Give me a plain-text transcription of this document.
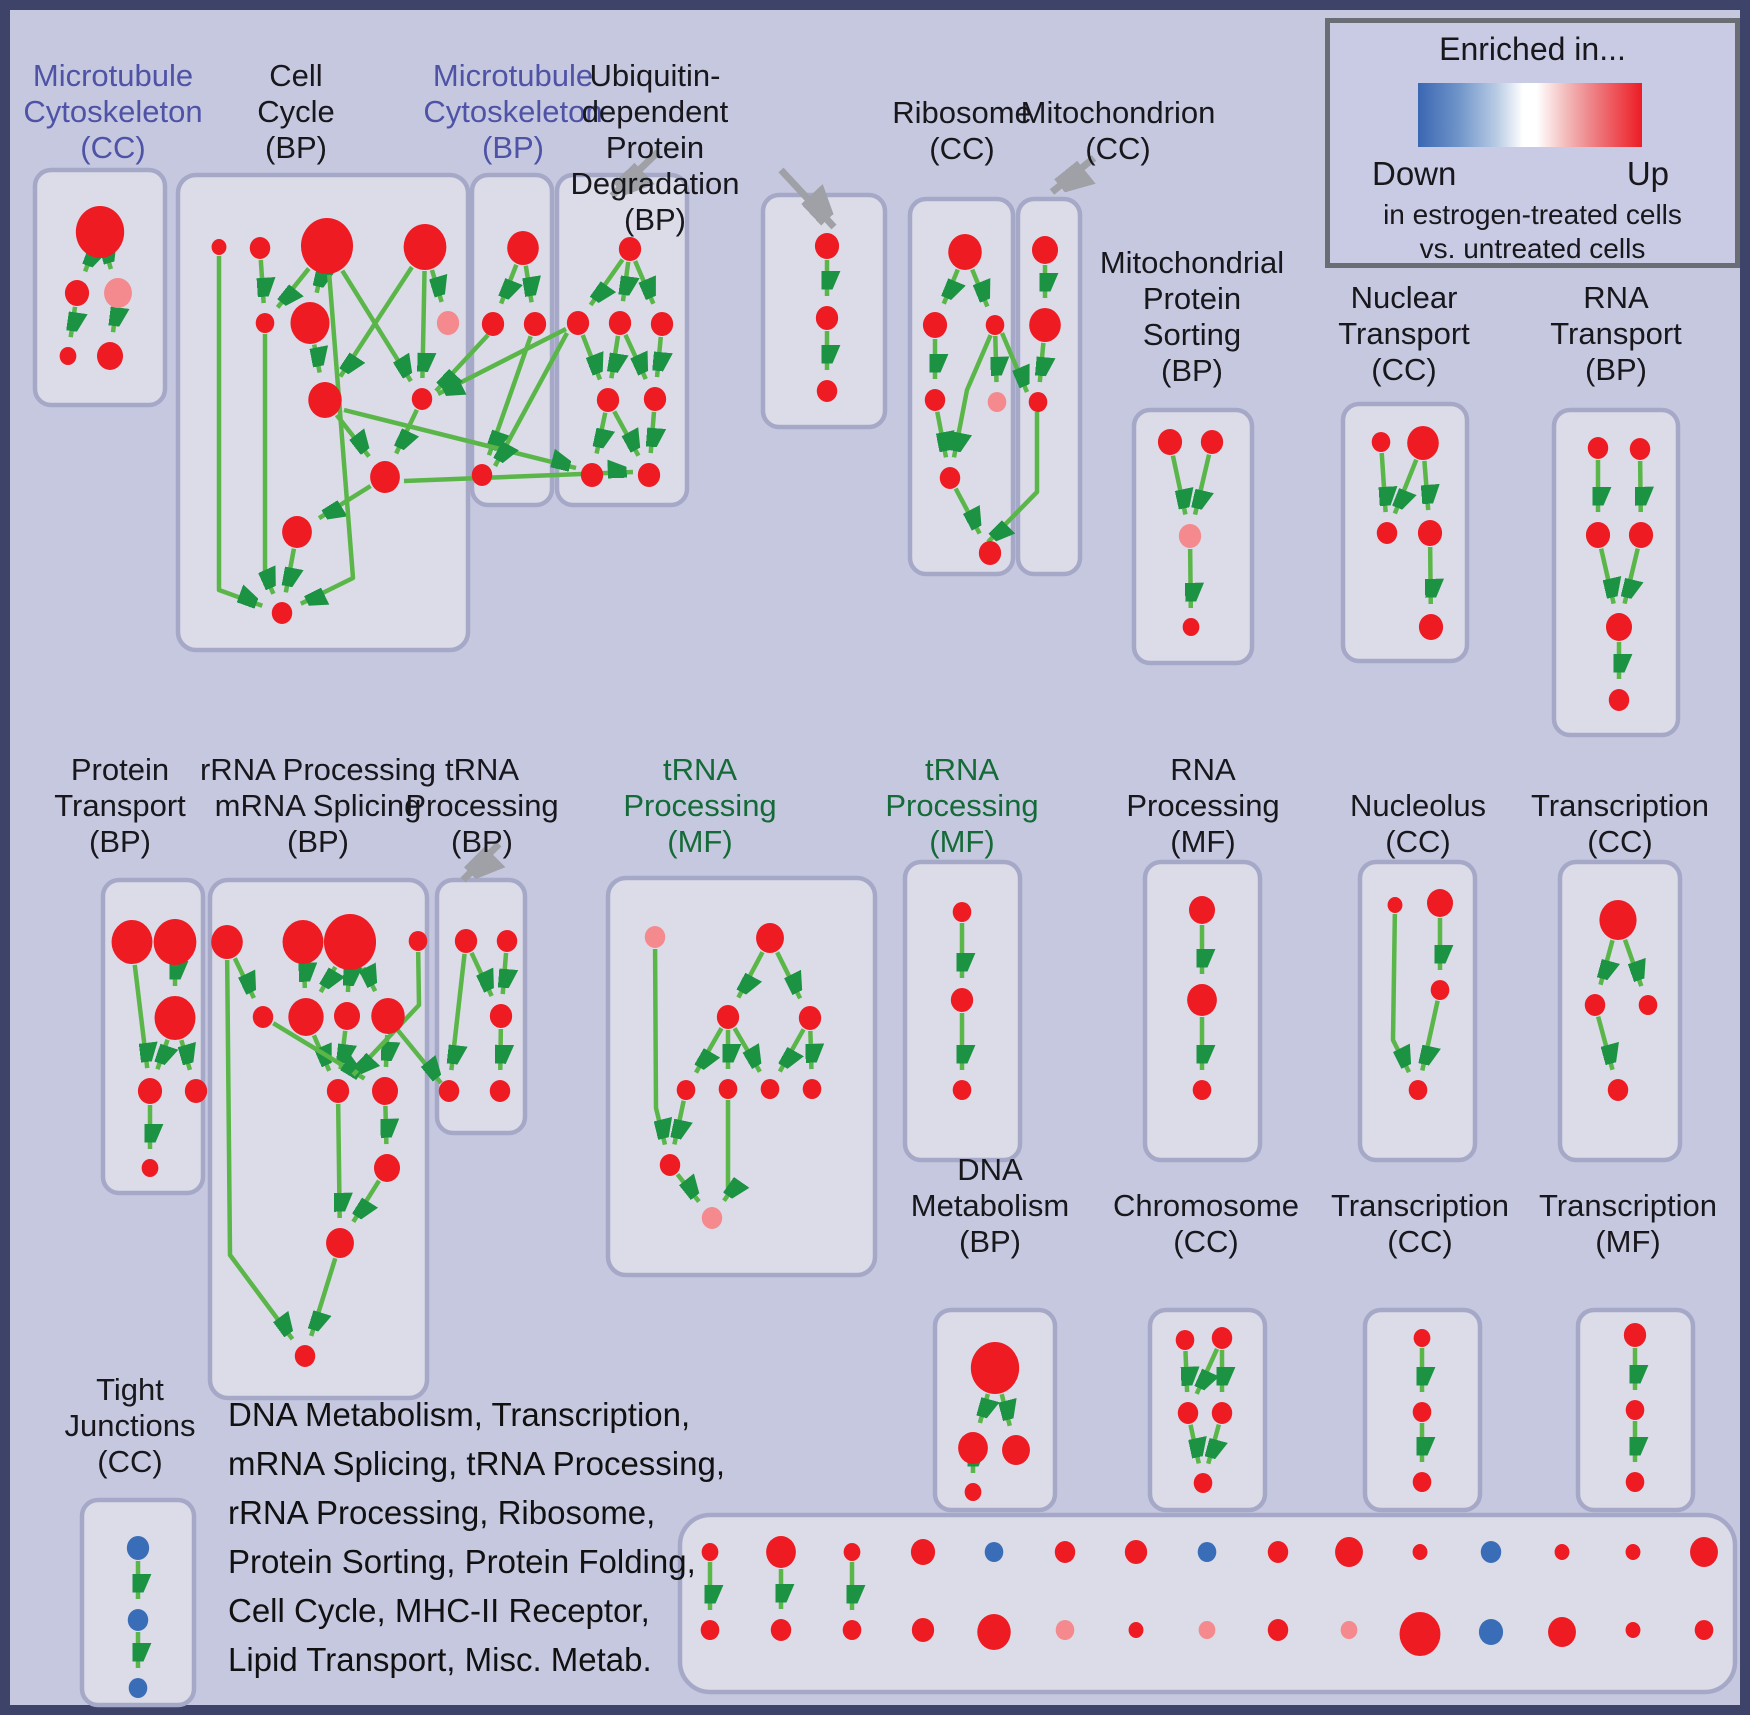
Microtubule
Cytoskeleton
(CC)
Cell
Cycle
(BP)
Microtubule
Cytoskeleton
(BP)
Ubiquitin-
dependent
Protein
Degradation
(BP)
Ribosome
(CC)
Mitochondrion
(CC)
Mitochondrial
Protein
Sorting
(BP)
Nuclear
Transport
(CC)
RNA
Transport
(BP)
Protein
Transport
(BP)
rRNA Processing
mRNA Splicing
(BP)
tRNA
Processing
(BP)
tRNA
Processing
(MF)
tRNA
Processing
(MF)
RNA
Processing
(MF)
Nucleolus
(CC)
Transcription
(CC)
DNA
Metabolism
(BP)
Chromosome
(CC)
Transcription
(CC)
Transcription
(MF)
Tight
Junctions
(CC)
Enriched in...
Down	Up
in estrogen-treated cells
vs. untreated cells
DNA Metabolism, Transcription,
mRNA Splicing, tRNA Processing,
rRNA Processing, Ribosome,
Protein Sorting, Protein Folding,
Cell Cycle, MHC-II Receptor,
Lipid Transport, Misc. Metab.
